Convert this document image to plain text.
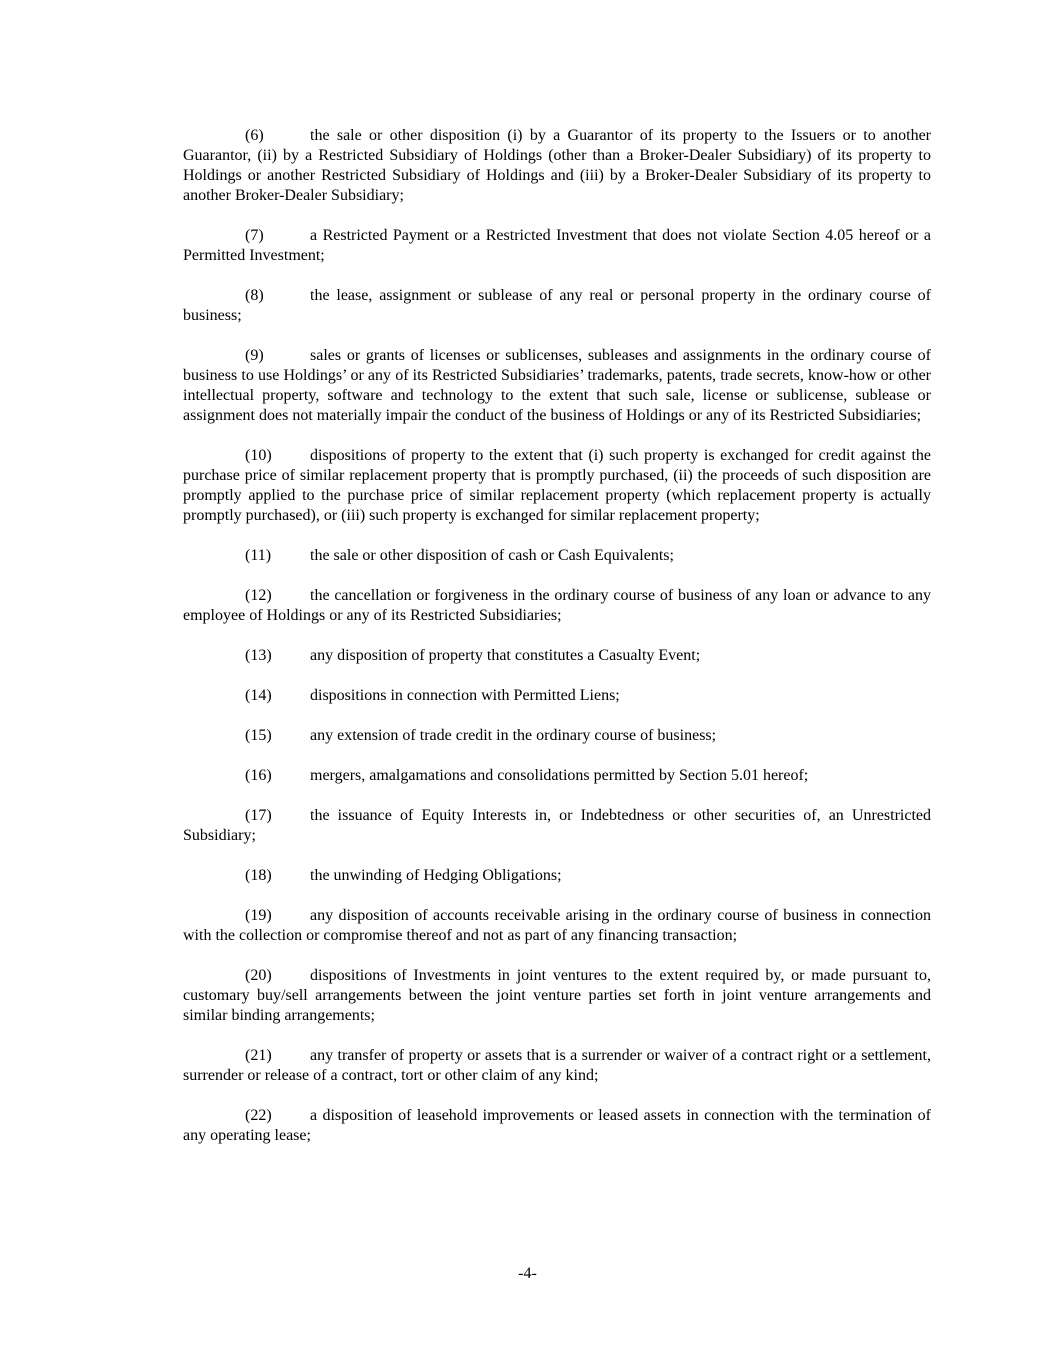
(6)	the sale or other disposition (i) by a Guarantor of its property to the Issuers or to another Guarantor, (ii) by a Restricted Subsidiary of Holdings (other than a Broker-Dealer Subsidiary) of its property to Holdings or another Restricted Subsidiary of Holdings and (iii) by a Broker-Dealer Subsidiary of its property to another Broker-Dealer Subsidiary;

(7)	a Restricted Payment or a Restricted Investment that does not violate Section 4.05 hereof or a Permitted Investment;

(8)	the lease, assignment or sublease of any real or personal property in the ordinary course of business;

(9)	sales or grants of licenses or sublicenses, subleases and assignments in the ordinary course of business to use Holdings’ or any of its Restricted Subsidiaries’ trademarks, patents, trade secrets, know-how or other intellectual property, software and technology to the extent that such sale, license or sublicense, sublease or assignment does not materially impair the conduct of the business of Holdings or any of its Restricted Subsidiaries;

(10) dispositions of property to the extent that (i) such property is exchanged for credit against the purchase price of similar replacement property that is promptly purchased, (ii) the proceeds of such disposition are promptly applied to the purchase price of similar replacement property (which replacement property is actually promptly purchased), or (iii) such property is exchanged for similar replacement property;

(11) the sale or other disposition of cash or Cash Equivalents;

(12) the cancellation or forgiveness in the ordinary course of business of any loan or advance to any employee of Holdings or any of its Restricted Subsidiaries;

(13) any disposition of property that constitutes a Casualty Event;

(14) dispositions in connection with Permitted Liens;

(15) any extension of trade credit in the ordinary course of business;

(16) mergers, amalgamations and consolidations permitted by Section 5.01 hereof;

(17) the issuance of Equity Interests in, or Indebtedness or other securities of, an Unrestricted Subsidiary;

(18) the unwinding of Hedging Obligations;

(19) any disposition of accounts receivable arising in the ordinary course of business in connection with the collection or compromise thereof and not as part of any financing transaction;

(20) dispositions of Investments in joint ventures to the extent required by, or made pursuant to, customary buy/sell arrangements between the joint venture parties set forth in joint venture arrangements and similar binding arrangements;

(21) any transfer of property or assets that is a surrender or waiver of a contract right or a settlement, surrender or release of a contract, tort or other claim of any kind;

(22) a disposition of leasehold improvements or leased assets in connection with the termination of any operating lease;

-4-
